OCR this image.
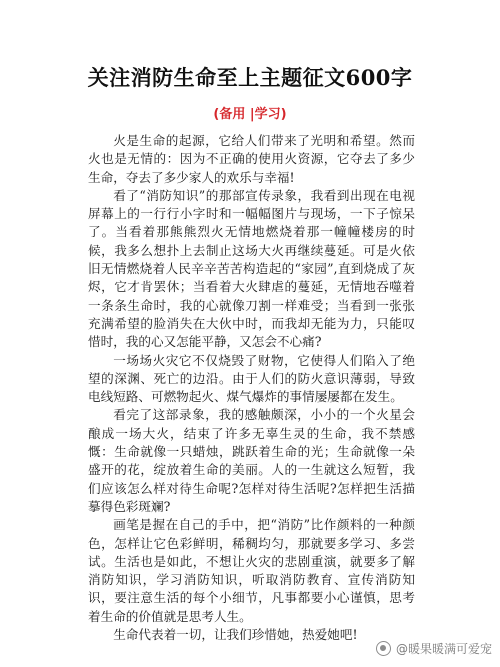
关注消防生命至上主题征文600字
(备用 |学习)

火是生命的起源，它给人们带来了光明和希望。然而火也是无情的：因为不正确的使用火资源，它夺去了多少生命，夺去了多少家人的欢乐与幸福!

看了“消防知识”的那部宣传录象，我看到出现在电视屏幕上的一行行小字时和一幅幅图片与现场，一下子惊呆了。当看着那熊熊烈火无情地燃烧着那一幢幢楼房的时候，我多么想扑上去制止这场大火再继续蔓延。可是火依旧无情燃烧着人民辛辛苦苦构造起的“家园”,直到烧成了灰烬，它才肯罢休；当看着大火肆虐的蔓延，无情地吞噬着一条条生命时，我的心就像刀割一样难受；当看到一张张充满希望的脸消失在大伙中时，而我却无能为力，只能叹惜时，我的心又怎能平静，又怎会不心痛?

一场场火灾它不仅烧毁了财物，它使得人们陷入了绝望的深渊、死亡的边沿。由于人们的防火意识薄弱，导致电线短路、可燃物起火、煤气爆炸的事情屡屡都在发生。

看完了这部录象，我的感触颇深，小小的一个火星会酿成一场大火，结束了许多无辜生灵的生命，我不禁感慨：生命就像一只蜡烛，跳跃着生命的光；生命就像一朵盛开的花，绽放着生命的美丽。人的一生就这么短暂，我们应该怎么样对待生命呢?怎样对待生活呢?怎样把生活描摹得色彩斑斓?

画笔是握在自己的手中，把“消防”比作颜料的一种颜色，怎样让它色彩鲜明，稀稠均匀，那就要多学习、多尝试。生活也是如此，不想让火灾的悲剧重演，就要多了解消防知识，学习消防知识，听取消防教育、宣传消防知识，要注意生活的每个小细节，凡事都要小心谨慎，思考着生命的价值就是思考人生。

生命代表着一切，让我们珍惜她，热爱她吧!

@暖果暖满可爱宠
